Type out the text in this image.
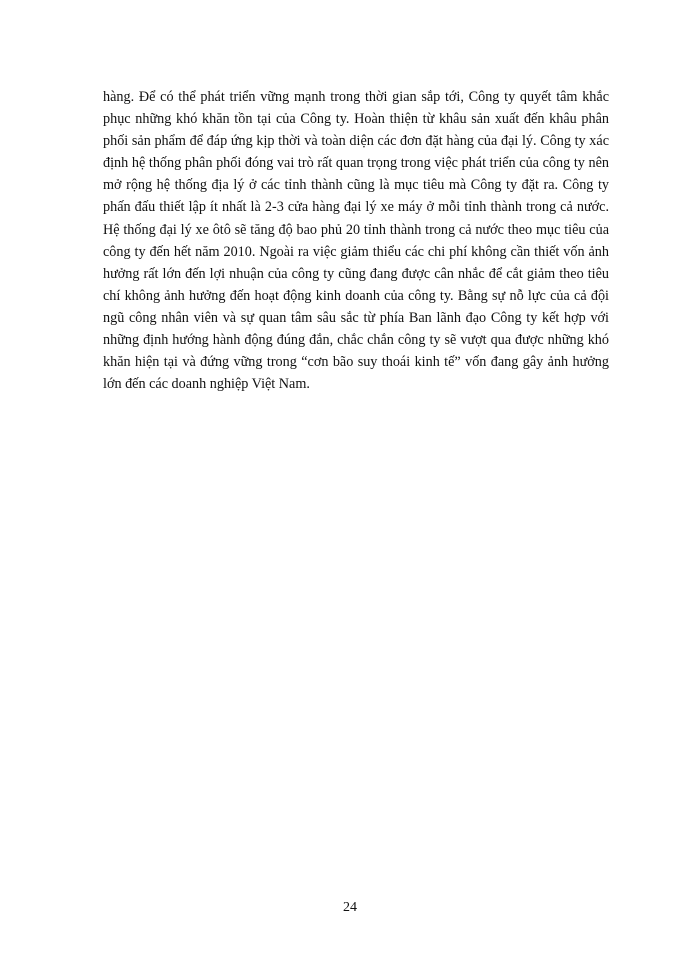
hàng. Để có thể phát triển vững mạnh trong thời gian sắp tới, Công ty quyết tâm khắc
phục những khó khăn tồn tại của Công ty. Hoàn thiện từ khâu sản xuất đến khâu phân
phối sản phẩm để đáp ứng kịp thời và toàn diện các đơn đặt hàng của đại lý. Công ty xác
định hệ thống phân phối đóng vai trò rất quan trọng trong việc phát triển của công ty nên
mở rộng hệ thống địa lý ở các tỉnh thành cũng là mục tiêu mà Công ty đặt ra. Công ty
phấn đấu thiết lập ít nhất là 2-3 cửa hàng đại lý xe máy ở mỗi tỉnh thành trong cả nước.
Hệ thống đại lý xe ôtô sẽ tăng độ bao phủ 20 tỉnh thành trong cả nước theo mục tiêu của
công ty đến hết năm 2010. Ngoài ra việc giảm thiểu các chi phí không cần thiết vốn ảnh
hưởng rất lớn đến lợi nhuận của công ty cũng đang được cân nhắc để cắt giảm theo tiêu
chí không ảnh hưởng đến hoạt động kinh doanh của công ty. Bằng sự nỗ lực của cả đội
ngũ công nhân viên và sự quan tâm sâu sắc từ phía Ban lãnh đạo Công ty kết hợp với
những định hướng hành động đúng đắn, chắc chắn công ty sẽ vượt qua được những khó
khăn hiện tại và đứng vững trong “cơn bão suy thoái kinh tế” vốn đang gây ảnh hưởng
lớn đến các doanh nghiệp Việt Nam.
24
